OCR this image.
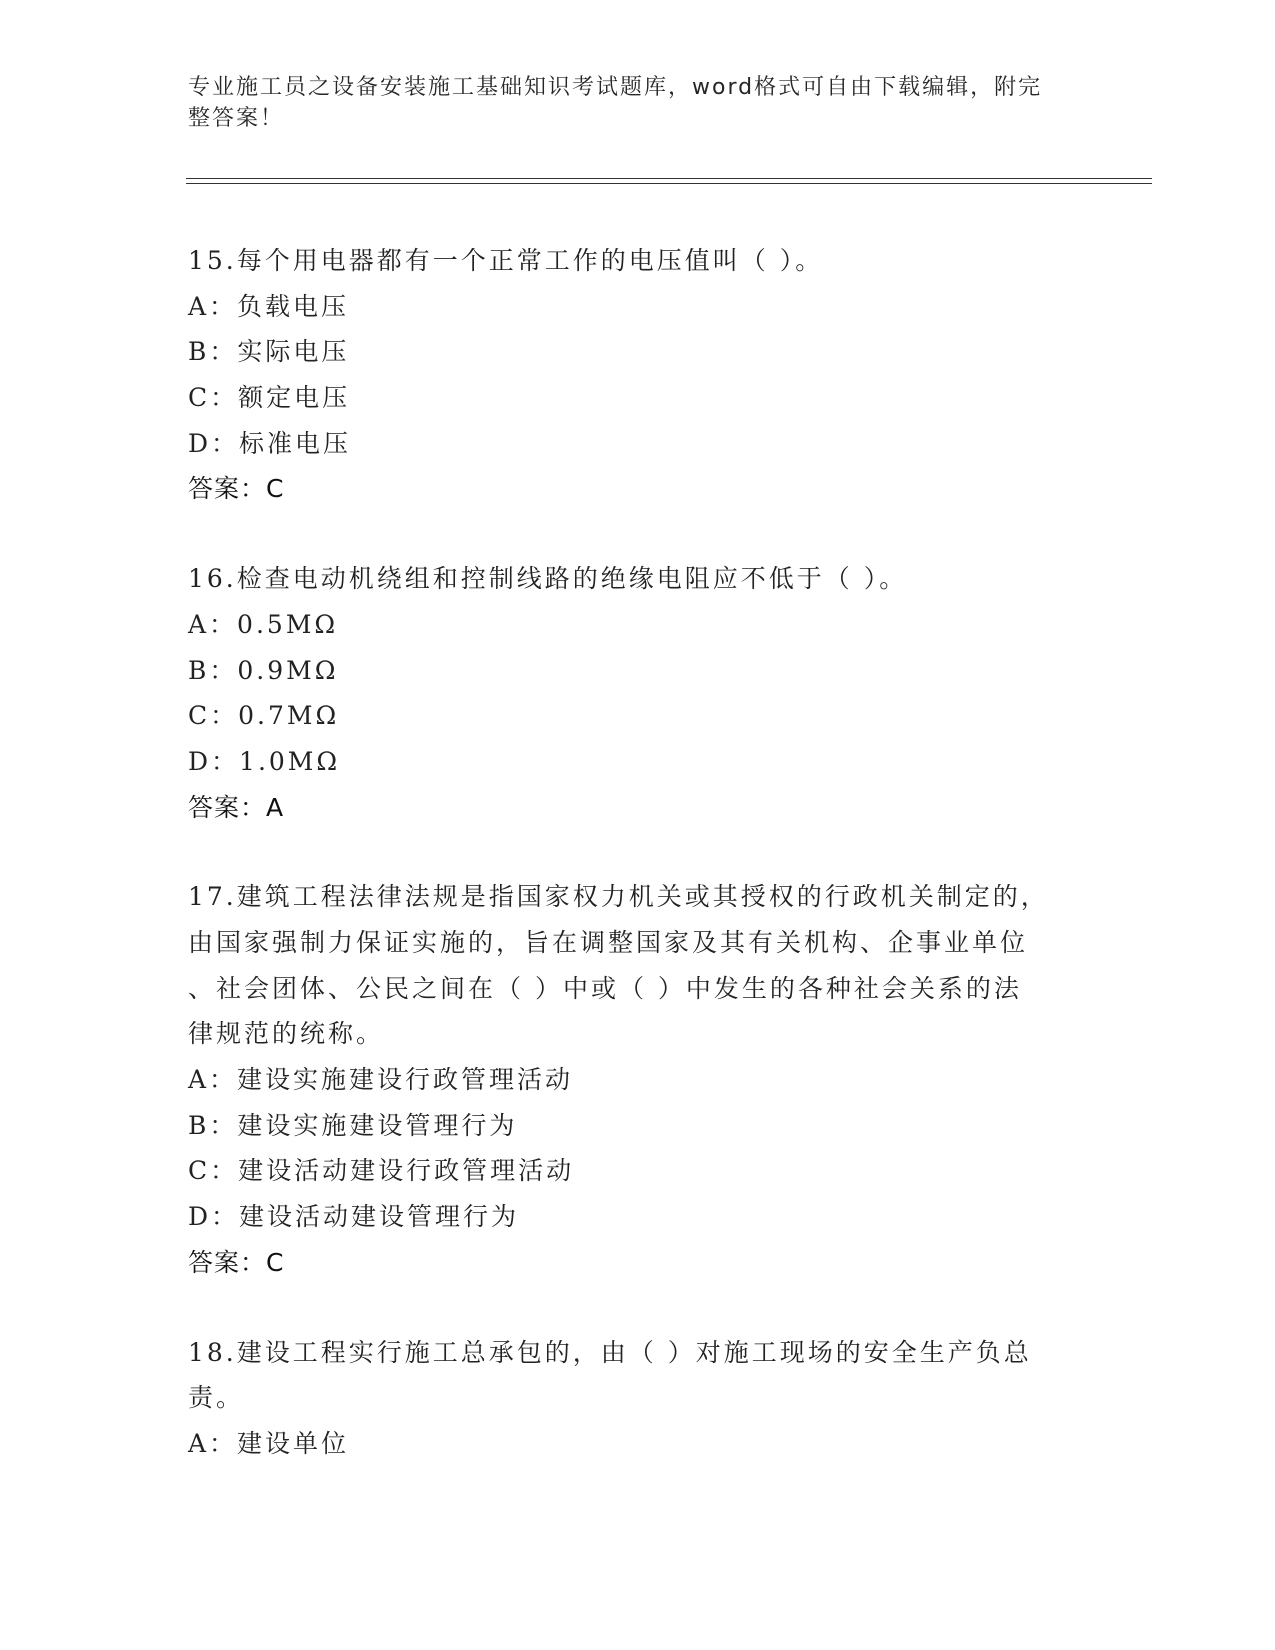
专业施工员之设备安装施工基础知识考试题库，word格式可自由下载编辑，附完
整答案！
15.每个用电器都有一个正常工作的电压值叫（ ）。
A：负载电压
B：实际电压
C：额定电压
D：标准电压
答案：C
16.检查电动机绕组和控制线路的绝缘电阻应不低于（ ）。
A：0.5MΩ
B：0.9MΩ
C：0.7MΩ
D：1.0MΩ
答案：A
17.建筑工程法律法规是指国家权力机关或其授权的行政机关制定的，
由国家强制力保证实施的，旨在调整国家及其有关机构、企事业单位
、社会团体、公民之间在（ ）中或（ ）中发生的各种社会关系的法
律规范的统称。
A：建设实施建设行政管理活动
B：建设实施建设管理行为
C：建设活动建设行政管理活动
D：建设活动建设管理行为
答案：C
18.建设工程实行施工总承包的，由（ ）对施工现场的安全生产负总
责。
A：建设单位
